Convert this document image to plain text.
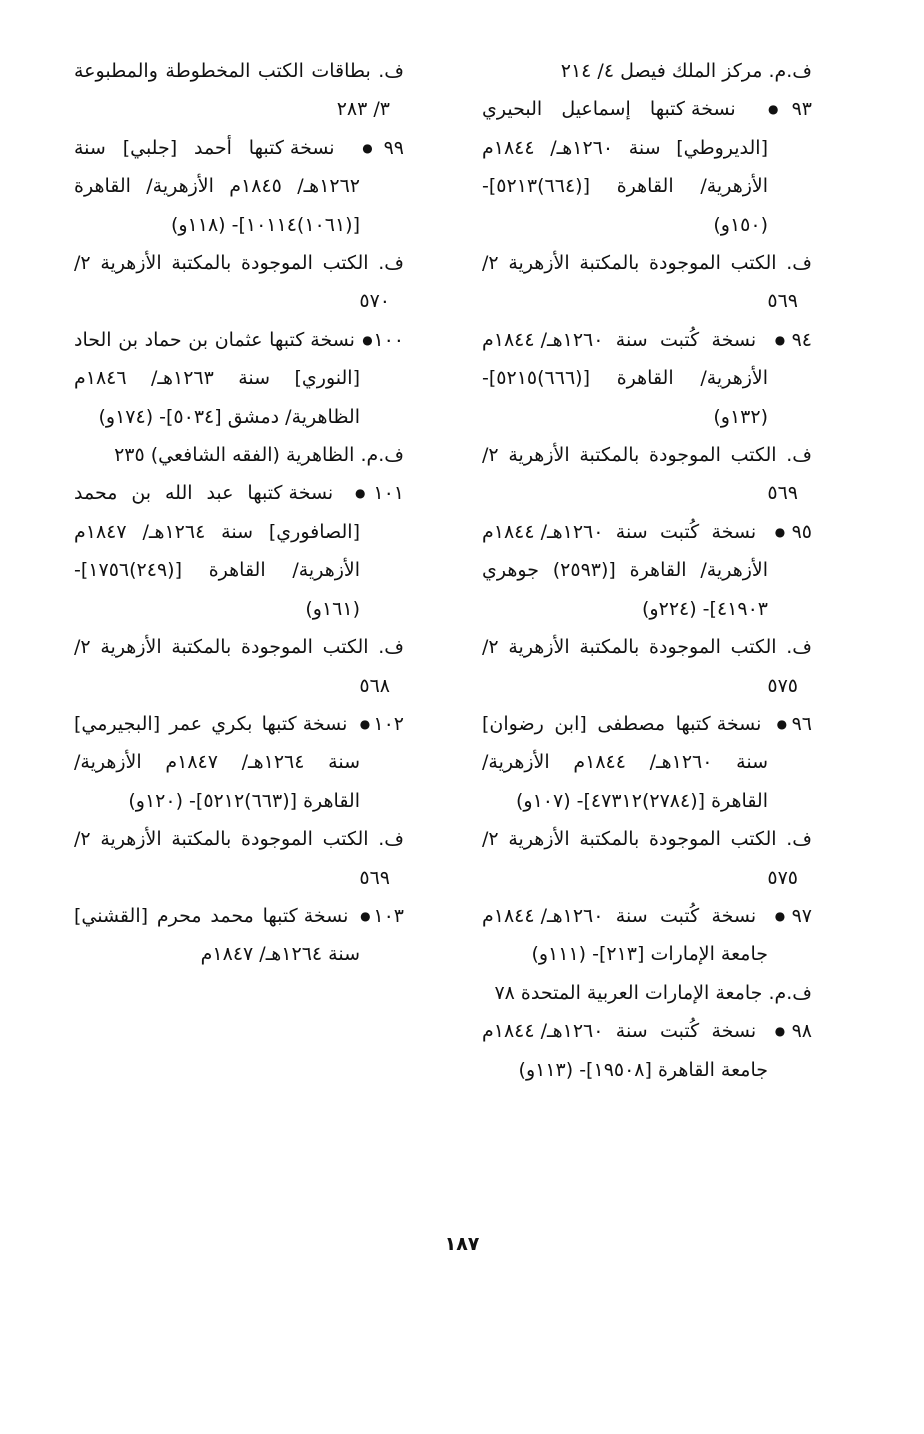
ف.م. مركز الملك فيصل ٤/ ٢١٤

٩٣● نسخة كتبها إسماعيل البحيري [الديروطي] سنة ١٢٦٠هـ/ ١٨٤٤م الأزهرية/ القاهرة [(٦٦٤)٥٢١٣]- (١٥٠و)

ف. الكتب الموجودة بالمكتبة الأزهرية ٢/ ٥٦٩

٩٤● نسخة كُتبت سنة ١٢٦٠هـ/ ١٨٤٤م الأزهرية/ القاهرة [(٦٦٦)٥٢١٥]- (١٣٢و)

ف. الكتب الموجودة بالمكتبة الأزهرية ٢/ ٥٦٩

٩٥● نسخة كُتبت سنة ١٢٦٠هـ/ ١٨٤٤م الأزهرية/ القاهرة [(٢٥٩٣) جوهري ٤١٩٠٣]- (٢٢٤و)

ف. الكتب الموجودة بالمكتبة الأزهرية ٢/ ٥٧٥

٩٦● نسخة كتبها مصطفى [ابن رضوان] سنة ١٢٦٠هـ/ ١٨٤٤م الأزهرية/ القاهرة [(٢٧٨٤)٤٧٣١٢]- (١٠٧و)

ف. الكتب الموجودة بالمكتبة الأزهرية ٢/ ٥٧٥

٩٧● نسخة كُتبت سنة ١٢٦٠هـ/ ١٨٤٤م جامعة الإمارات [٢١٣]- (١١١و)

ف.م. جامعة الإمارات العربية المتحدة ٧٨

٩٨● نسخة كُتبت سنة ١٢٦٠هـ/ ١٨٤٤م جامعة القاهرة [١٩٥٠٨]- (١١٣و)

ف. بطاقات الكتب المخطوطة والمطبوعة ٣/ ٢٨٣

٩٩● نسخة كتبها أحمد [جلبي] سنة ١٢٦٢هـ/ ١٨٤٥م الأزهرية/ القاهرة [(١٠٦١)١٠١١٤]- (١١٨و)

ف. الكتب الموجودة بالمكتبة الأزهرية ٢/ ٥٧٠

١٠٠● نسخة كتبها عثمان بن حماد بن الحاد [النوري] سنة ١٢٦٣هـ/ ١٨٤٦م الظاهرية/ دمشق [٥٠٣٤]- (١٧٤و)

ف.م. الظاهرية (الفقه الشافعي) ٢٣٥

١٠١● نسخة كتبها عبد الله بن محمد [الصافوري] سنة ١٢٦٤هـ/ ١٨٤٧م الأزهرية/ القاهرة [(٢٤٩)١٧٥٦]- (١٦١و)

ف. الكتب الموجودة بالمكتبة الأزهرية ٢/ ٥٦٨

١٠٢● نسخة كتبها بكري عمر [البجيرمي] سنة ١٢٦٤هـ/ ١٨٤٧م الأزهرية/ القاهرة [(٦٦٣)٥٢١٢]- (١٢٠و)

ف. الكتب الموجودة بالمكتبة الأزهرية ٢/ ٥٦٩

١٠٣● نسخة كتبها محمد محرم [القشني] سنة ١٢٦٤هـ/ ١٨٤٧م

١٨٧
